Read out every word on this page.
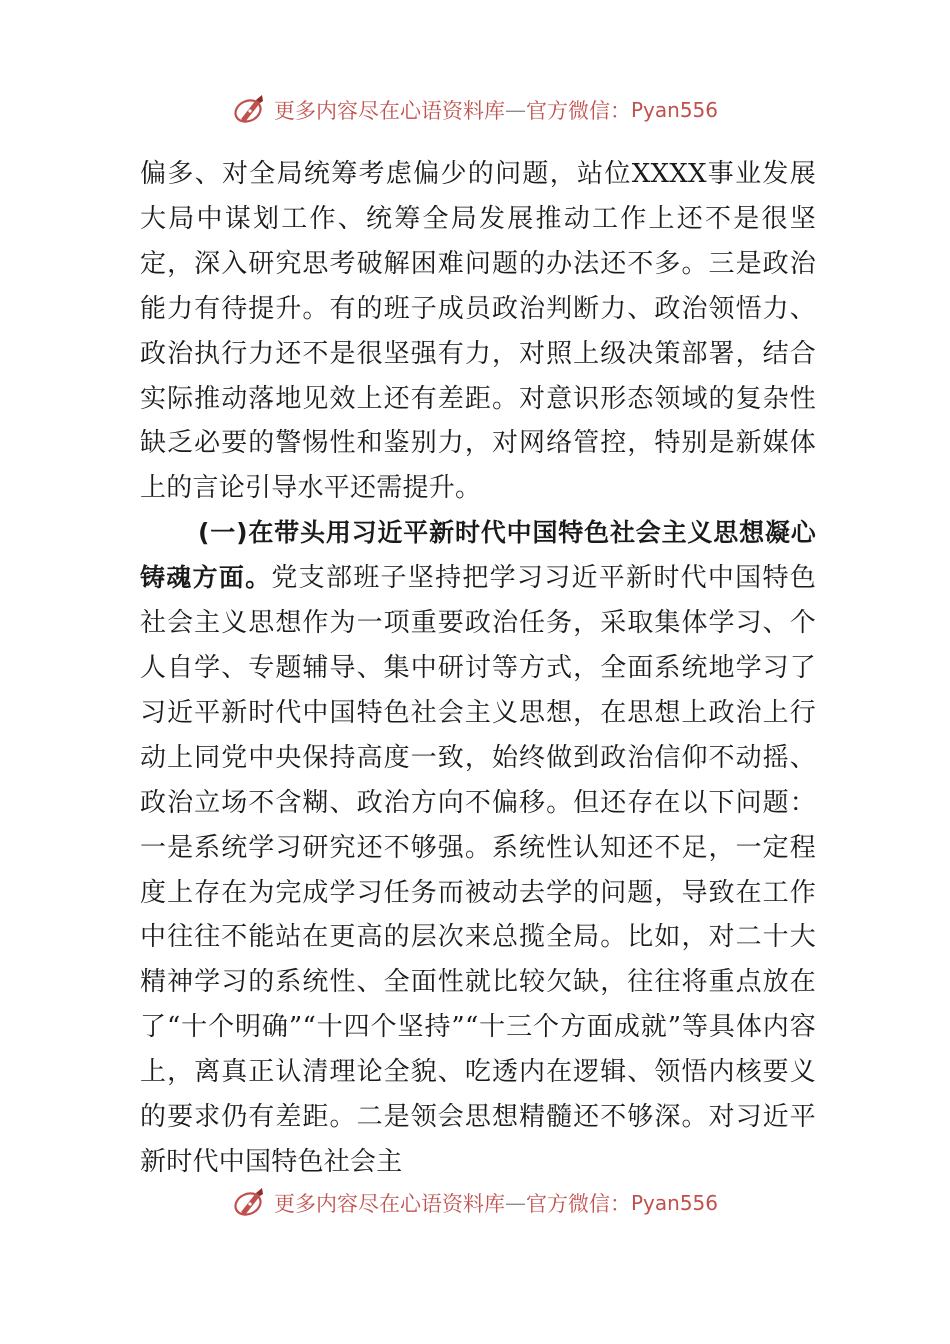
更多内容尽在心语资料库 — 官方微信： Pyan556

偏多、对全局统筹考虑偏少的问题，站位XXXX事业发展大局中谋划工作、统筹全局发展推动工作上还不是很坚定，深入研究思考破解困难问题的办法还不多。三是政治能力有待提升。有的班子成员政治判断力、政治领悟力、政治执行力还不是很坚强有力，对照上级决策部署，结合实际推动落地见效上还有差距。对意识形态领域的复杂性缺乏必要的警惕性和鉴别力，对网络管控，特别是新媒体上的言论引导水平还需提升。

(一)在带头用习近平新时代中国特色社会主义思想凝心铸魂方面。党支部班子坚持把学习习近平新时代中国特色社会主义思想作为一项重要政治任务，采取集体学习、个人自学、专题辅导、集中研讨等方式，全面系统地学习了习近平新时代中国特色社会主义思想，在思想上政治上行动上同党中央保持高度一致，始终做到政治信仰不动摇、政治立场不含糊、政治方向不偏移。但还存在以下问题：一是系统学习研究还不够强。系统性认知还不足，一定程度上存在为完成学习任务而被动去学的问题，导致在工作中往往不能站在更高的层次来总揽全局。比如，对二十大精神学习的系统性、全面性就比较欠缺，往往将重点放在了“十个明确”“十四个坚持”“十三个方面成就”等具体内容上，离真正认清理论全貌、吃透内在逻辑、领悟内核要义的要求仍有差距。二是领会思想精髓还不够深。对习近平新时代中国特色社会主

更多内容尽在心语资料库 — 官方微信： Pyan556
